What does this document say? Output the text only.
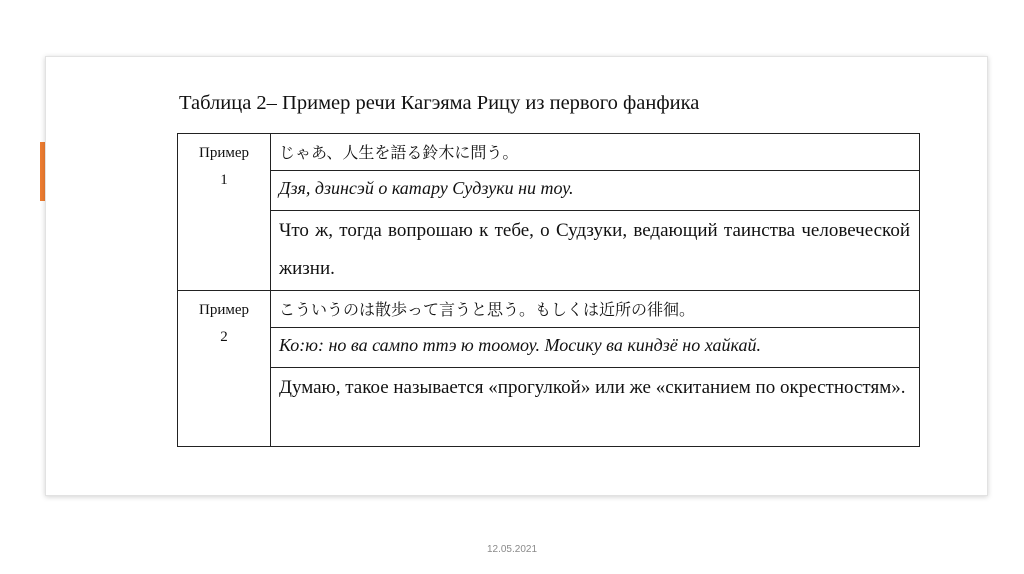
Таблица 2– Пример речи Кагэяма Рицу из первого фанфика
Пример
1	じゃあ、人生を語る鈴木に問う。
	Дзя, дзинсэй о катару Судзуки ни тоу.
	Что ж, тогда вопрошаю к тебе, о Судзуки, ведающий таинства человеческой жизни.
Пример
2	こういうのは散歩って言うと思う。もしくは近所の徘徊。
	Ко:ю: но ва сампо ттэ ю тоомоу. Мосику ва киндзё но хайкай.
	Думаю, такое называется «прогулкой» или же «скитанием по окрестностям».
12.05.2021
